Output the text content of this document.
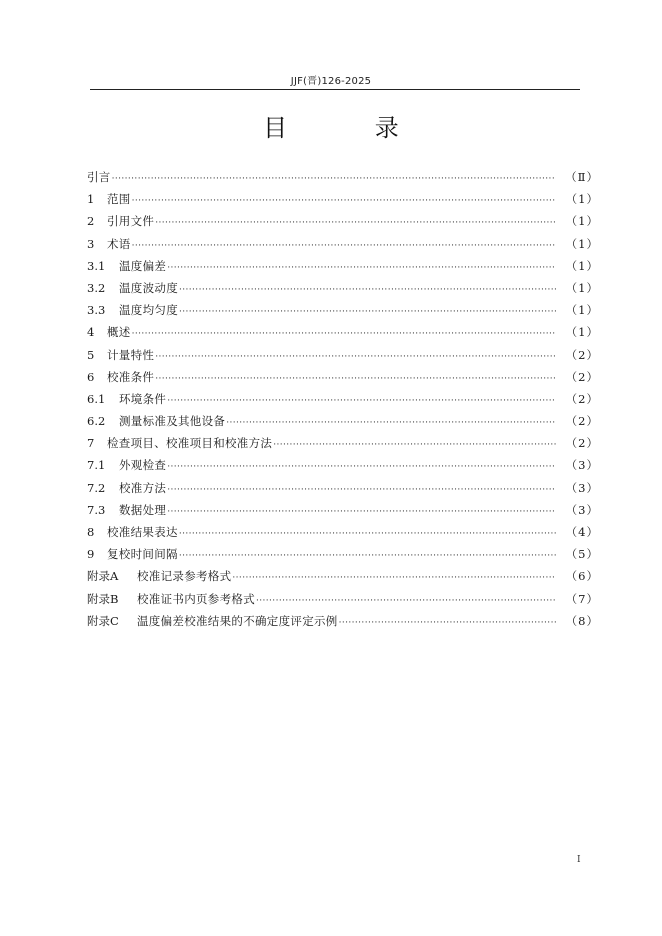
JJF(晋)126-2025
目 录
引言 ·····	（Ⅱ）
1	范围 ·····	（1）
2	引用文件 ·····	（1）
3	术语 ·····	（1）
3.1	温度偏差 ·····	（1）
3.2	温度波动度 ·····	（1）
3.3	温度均匀度 ·····	（1）
4	概述 ·····	（1）
5	计量特性 ·····	（2）
6	校准条件 ·····	（2）
6.1	环境条件 ·····	（2）
6.2	测量标准及其他设备 ·····	（2）
7	检查项目、校准项目和校准方法 ·····	（2）
7.1	外观检查 ·····	（3）
7.2	校准方法 ·····	（3）
7.3	数据处理 ·····	（3）
8	校准结果表达 ·····	（4）
9	复校时间间隔 ·····	（5）
附录A	校准记录参考格式 ·····	（6）
附录B	校准证书内页参考格式 ·····	（7）
附录C	温度偏差校准结果的不确定度评定示例 ·····	（8）
I
